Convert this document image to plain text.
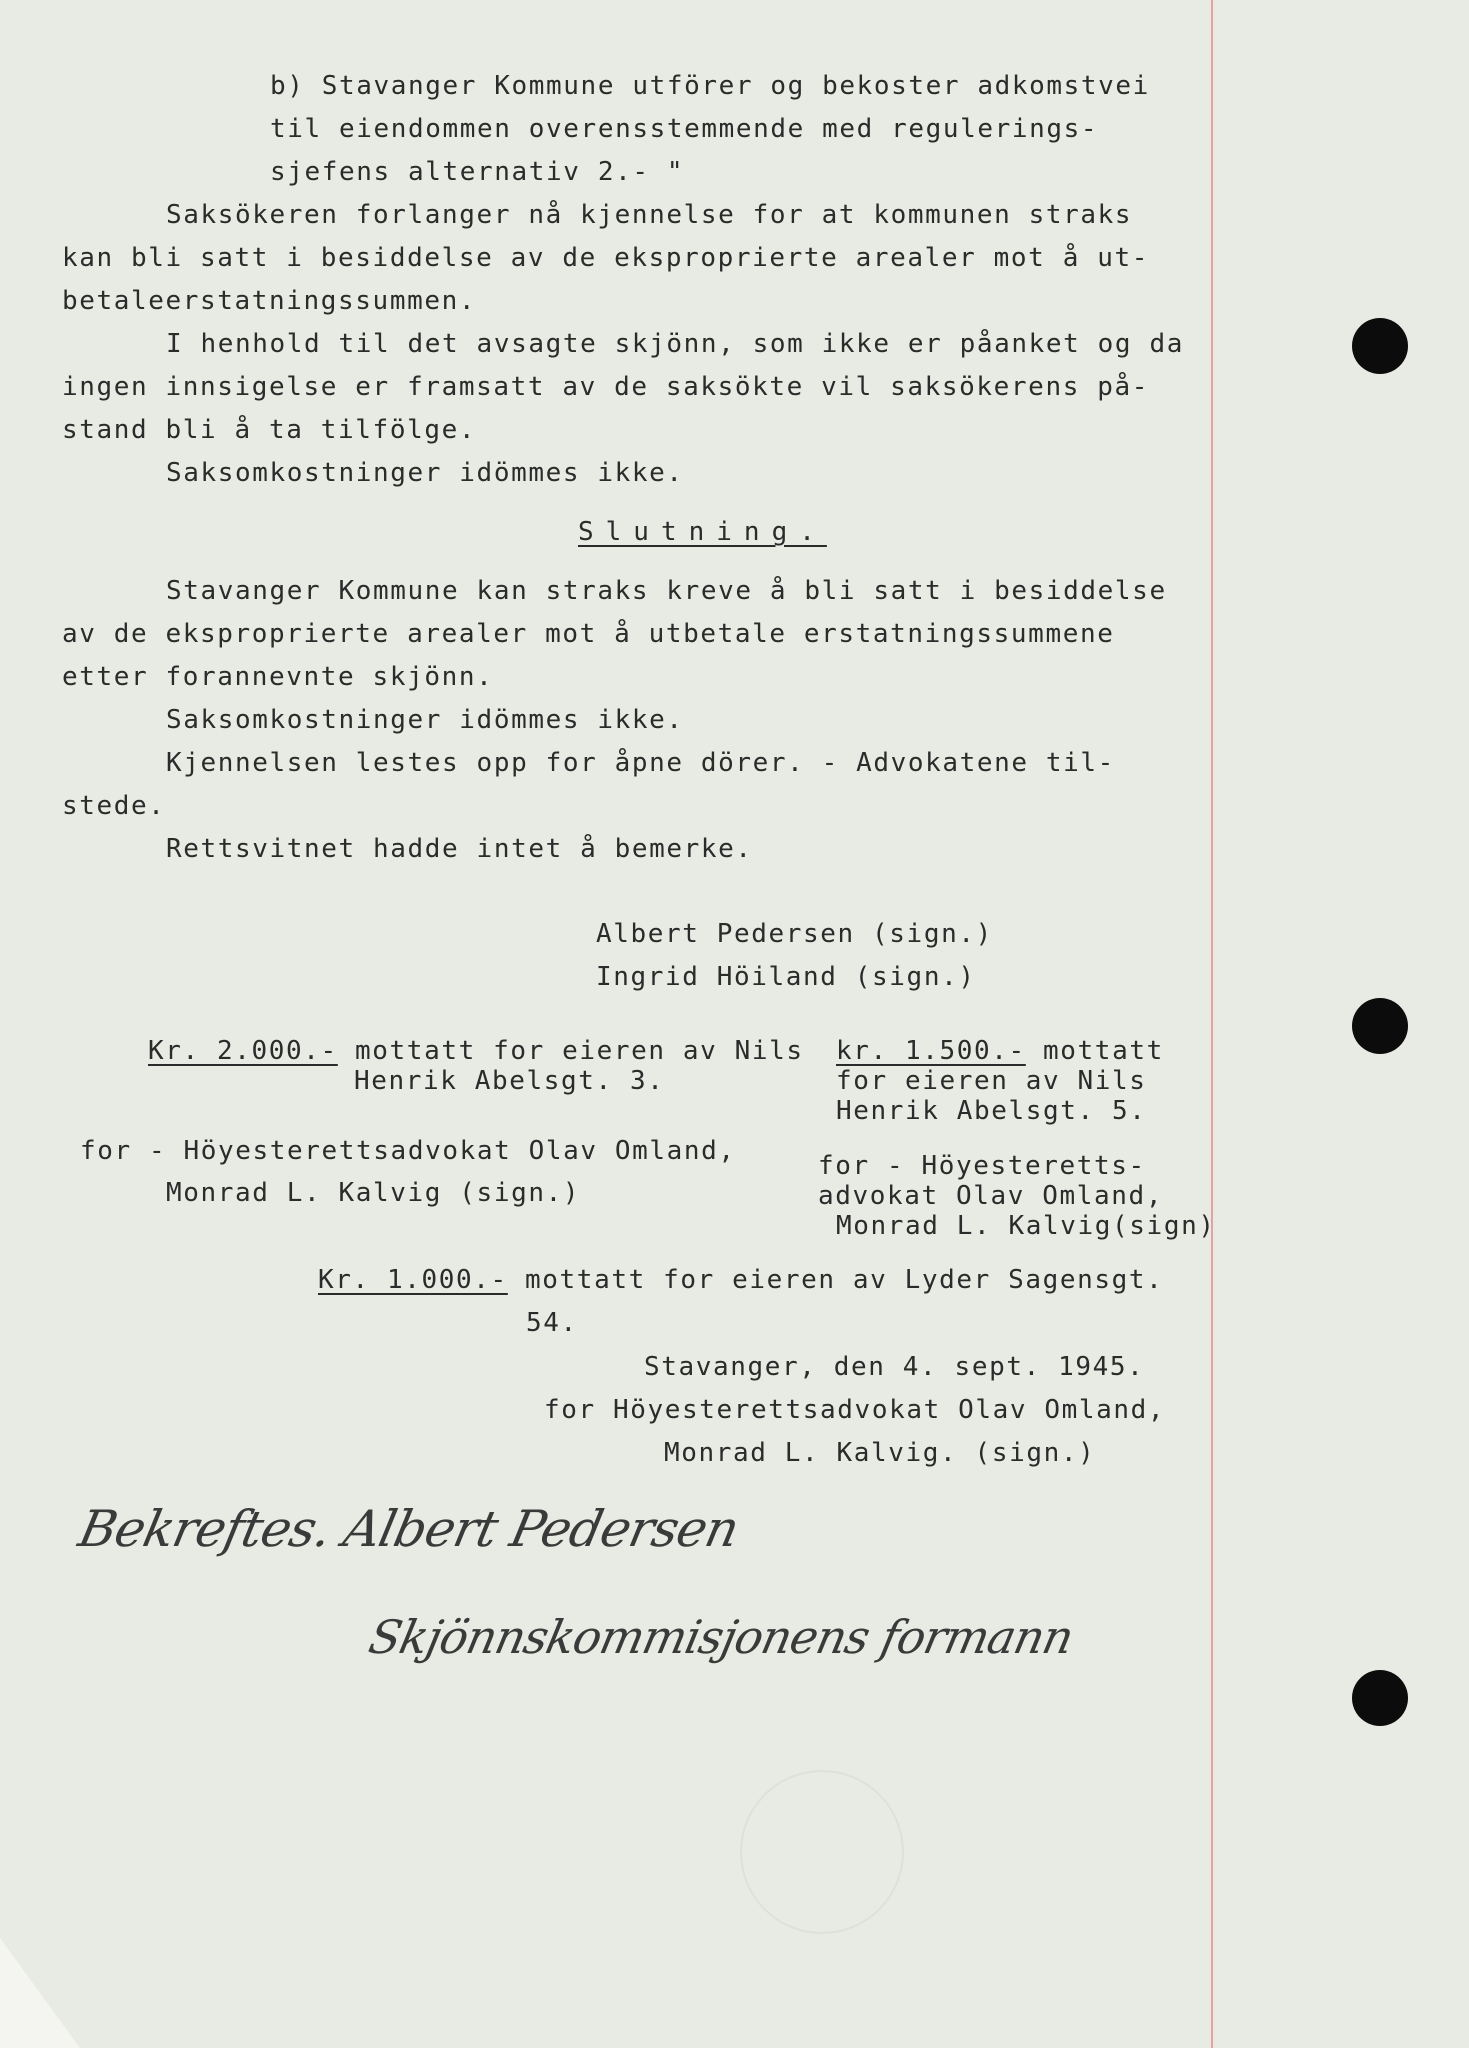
b) Stavanger Kommune utförer og bekoster adkomstvei
til eiendommen overensstemmende med regulerings-
sjefens alternativ 2.- "
Saksökeren forlanger nå kjennelse for at kommunen straks
kan bli satt i besiddelse av de eksproprierte arealer mot å ut-
betaleerstatningssummen.
I henhold til det avsagte skjönn, som ikke er påanket og da
ingen innsigelse er framsatt av de saksökte vil saksökerens på-
stand bli å ta tilfölge.
Saksomkostninger idömmes ikke.
Slutning.
Stavanger Kommune kan straks kreve å bli satt i besiddelse
av de eksproprierte arealer mot å utbetale erstatningssummene
etter forannevnte skjönn.
Saksomkostninger idömmes ikke.
Kjennelsen lestes opp for åpne dörer. - Advokatene til-
stede.
Rettsvitnet hadde intet å bemerke.
Albert Pedersen (sign.)
Ingrid Höiland (sign.)
Kr. 2.000.- mottatt for eieren av Nils
Henrik Abelsgt. 3.
for - Höyesterettsadvokat Olav Omland,
Monrad L. Kalvig (sign.)
kr. 1.500.- mottatt
for eieren av Nils
Henrik Abelsgt. 5.
for - Höyesteretts-
advokat Olav Omland,
Monrad L. Kalvig(sign)
Kr. 1.000.- mottatt for eieren av Lyder Sagensgt.
54.
Stavanger, den 4. sept. 1945.
for Höyesterettsadvokat Olav Omland,
Monrad L. Kalvig. (sign.)
Bekreftes. Albert Pedersen
Skjönnskommisjonens formann
